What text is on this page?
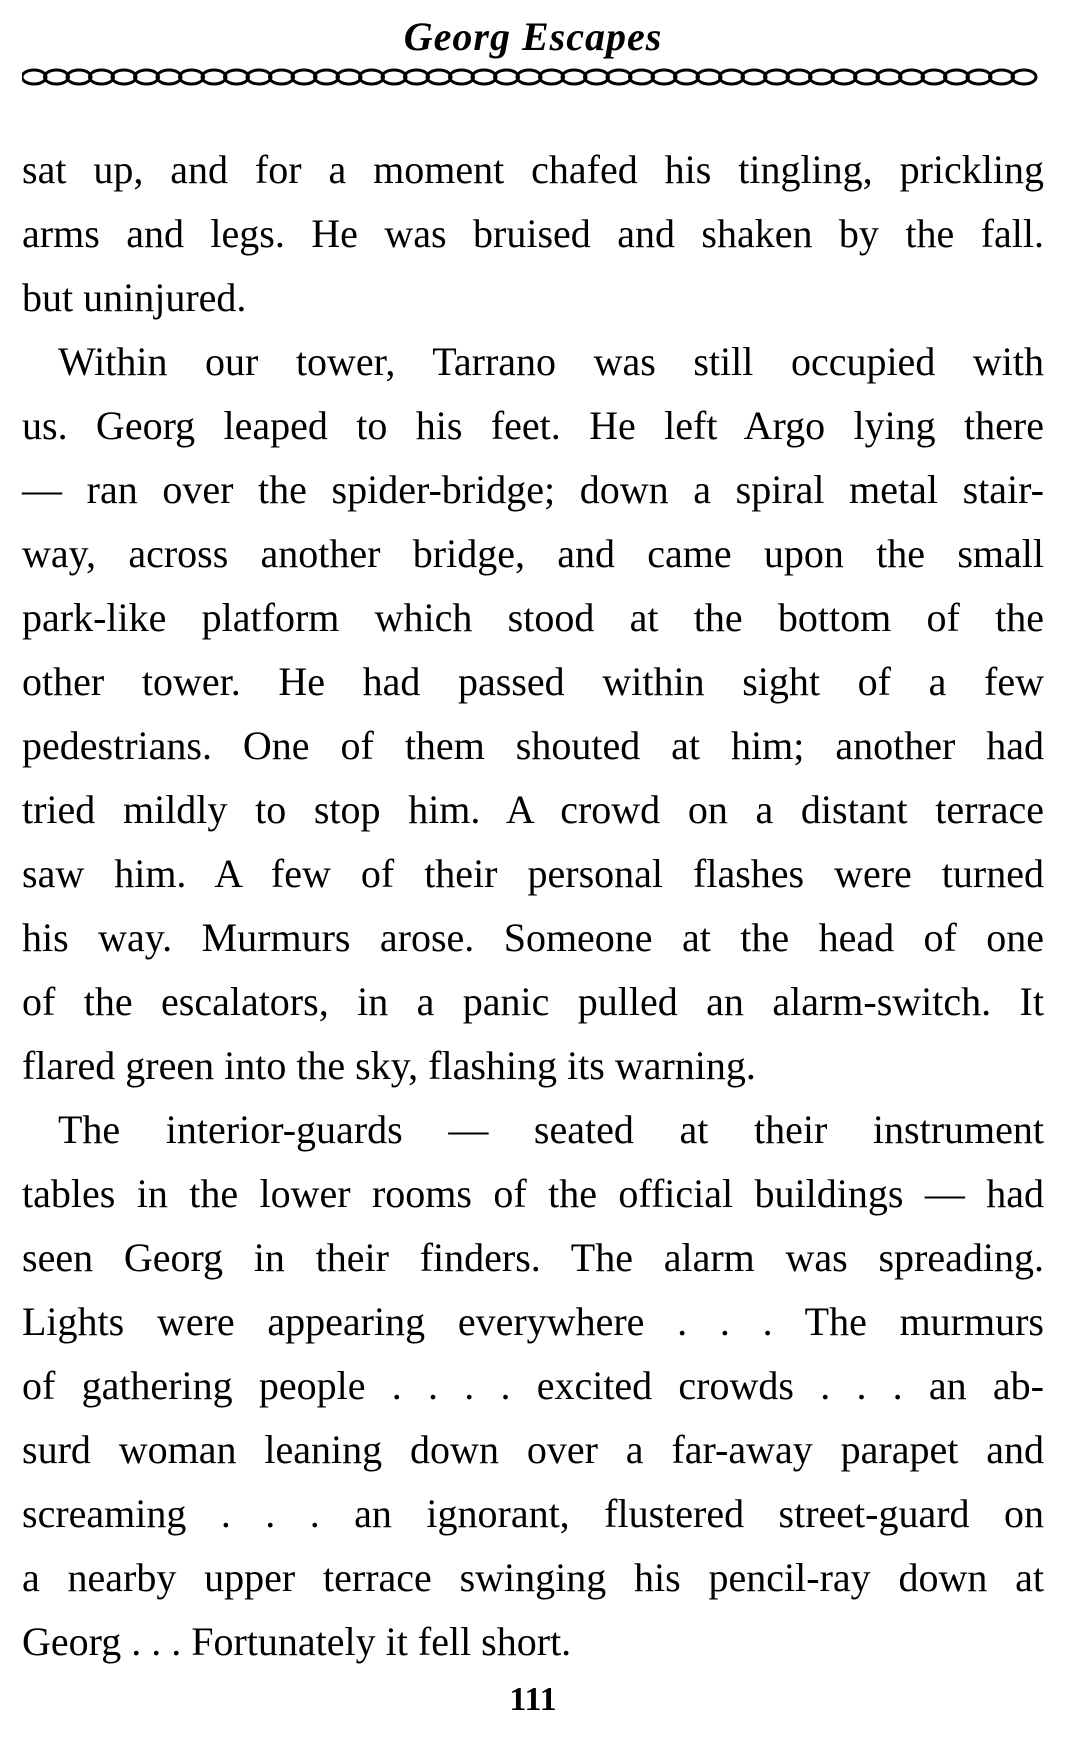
Georg Escapes
sat up, and for a moment chafed his tingling, prickling
arms and legs. He was bruised and shaken by the fall.
but uninjured.
Within our tower, Tarrano was still occupied with
us. Georg leaped to his feet. He left Argo lying there
— ran over the spider-bridge; down a spiral metal stair-
way, across another bridge, and came upon the small
park-like platform which stood at the bottom of the
other tower. He had passed within sight of a few
pedestrians. One of them shouted at him; another had
tried mildly to stop him. A crowd on a distant terrace
saw him. A few of their personal flashes were turned
his way. Murmurs arose. Someone at the head of one
of the escalators, in a panic pulled an alarm-switch. It
flared green into the sky, flashing its warning.
The interior-guards — seated at their instrument
tables in the lower rooms of the official buildings — had
seen Georg in their finders. The alarm was spreading.
Lights were appearing everywhere . . . The murmurs
of gathering people . . . . excited crowds . . . an ab-
surd woman leaning down over a far-away parapet and
screaming . . . an ignorant, flustered street-guard on
a nearby upper terrace swinging his pencil-ray down at
Georg . . . Fortunately it fell short.
111
